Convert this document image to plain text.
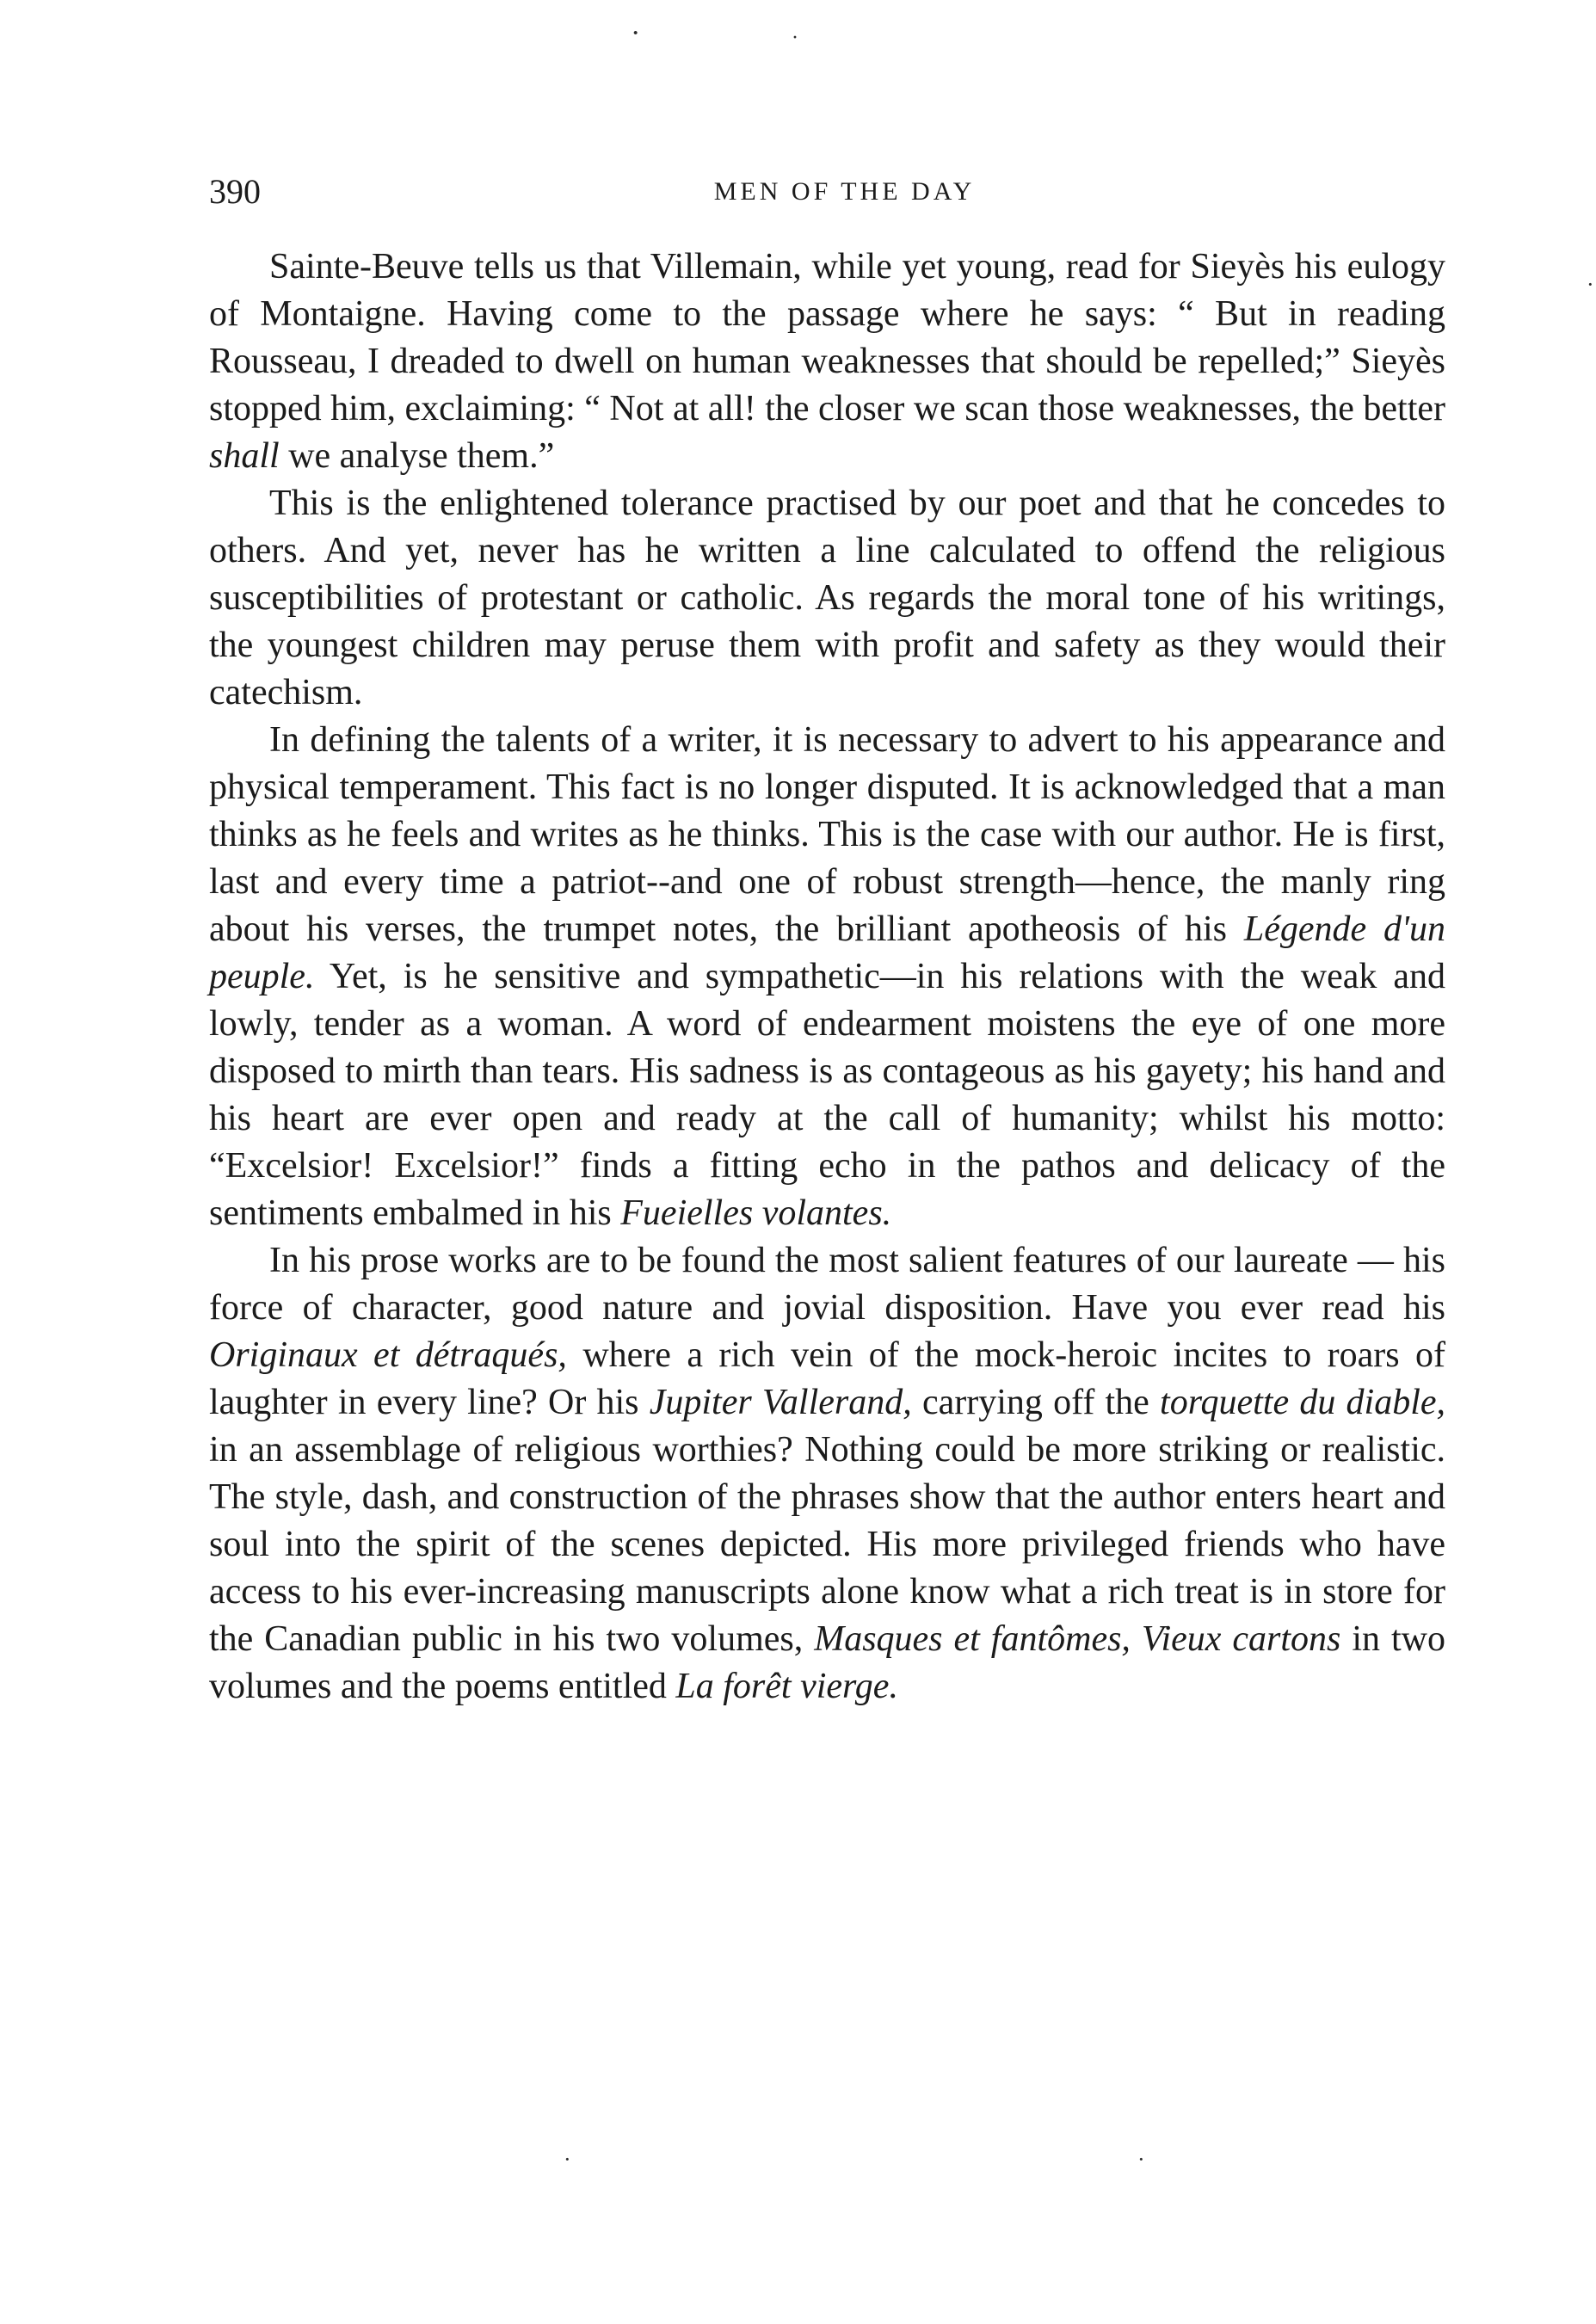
·	·
·
·	·
390	MEN OF THE DAY

Sainte-Beuve tells us that Villemain, while yet young, read for Sieyès his eulogy of Montaigne. Having come to the passage where he says: “ But in reading Rousseau, I dreaded to dwell on human weaknesses that should be repelled;” Sieyès stopped him, exclaiming: “ Not at all! the closer we scan those weaknesses, the better shall we analyse them.”

This is the enlightened tolerance practised by our poet and that he concedes to others. And yet, never has he written a line calculated to offend the religious susceptibilities of protestant or catholic. As regards the moral tone of his writings, the youngest children may peruse them with profit and safety as they would their catechism.

In defining the talents of a writer, it is necessary to advert to his appearance and physical temperament. This fact is no longer disputed. It is acknowledged that a man thinks as he feels and writes as he thinks. This is the case with our author. He is first, last and every time a patriot--and one of robust strength—hence, the manly ring about his verses, the trumpet notes, the brilliant apotheosis of his Légende d'un peuple. Yet, is he sensitive and sympathetic—in his relations with the weak and lowly, tender as a woman. A word of endearment moistens the eye of one more disposed to mirth than tears. His sadness is as contageous as his gayety; his hand and his heart are ever open and ready at the call of humanity; whilst his motto: “Excelsior! Excelsior!” finds a fitting echo in the pathos and delicacy of the sentiments embalmed in his Fueielles volantes.

In his prose works are to be found the most salient features of our laureate — his force of character, good nature and jovial disposition. Have you ever read his Originaux et détraqués, where a rich vein of the mock-heroic incites to roars of laughter in every line? Or his Jupiter Vallerand, carrying off the torquette du diable, in an assemblage of religious worthies? Nothing could be more striking or realistic. The style, dash, and construction of the phrases show that the author enters heart and soul into the spirit of the scenes depicted. His more privileged friends who have access to his ever-increasing manuscripts alone know what a rich treat is in store for the Canadian public in his two volumes, Masques et fantômes, Vieux cartons in two volumes and the poems entitled La forêt vierge.
